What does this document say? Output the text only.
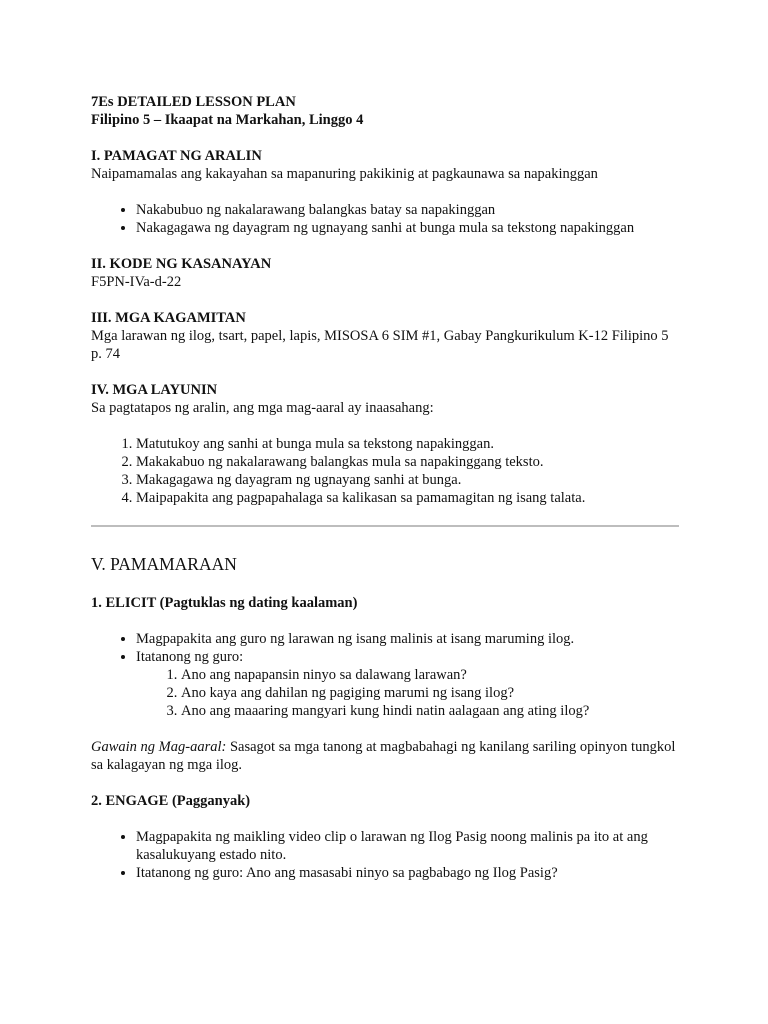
7Es DETAILED LESSON PLAN

Filipino 5 – Ikaapat na Markahan, Linggo 4

I. PAMAGAT NG ARALIN

Naipamamalas ang kakayahan sa mapanuring pakikinig at pagkaunawa sa napakinggan

• Nakabubuo ng nakalarawang balangkas batay sa napakinggan
• Nakagagawa ng dayagram ng ugnayang sanhi at bunga mula sa tekstong napakinggan

II. KODE NG KASANAYAN

F5PN-IVa-d-22

III. MGA KAGAMITAN

Mga larawan ng ilog, tsart, papel, lapis, MISOSA 6 SIM #1, Gabay Pangkurikulum K-12 Filipino 5 p. 74

IV. MGA LAYUNIN

Sa pagtatapos ng aralin, ang mga mag-aaral ay inaasahang:

1. Matutukoy ang sanhi at bunga mula sa tekstong napakinggan.
2. Makakabuo ng nakalarawang balangkas mula sa napakinggang teksto.
3. Makagagawa ng dayagram ng ugnayang sanhi at bunga.
4. Maipapakita ang pagpapahalaga sa kalikasan sa pamamagitan ng isang talata.

V. PAMAMARAAN

1. ELICIT (Pagtuklas ng dating kaalaman)

• Magpapakita ang guro ng larawan ng isang malinis at isang maruming ilog.
• Itatanong ng guro:
1. Ano ang napapansin ninyo sa dalawang larawan?
2. Ano kaya ang dahilan ng pagiging marumi ng isang ilog?
3. Ano ang maaaring mangyari kung hindi natin aalagaan ang ating ilog?

Gawain ng Mag-aaral: Sasagot sa mga tanong at magbabahagi ng kanilang sariling opinyon tungkol sa kalagayan ng mga ilog.

2. ENGAGE (Pagganyak)

• Magpapakita ng maikling video clip o larawan ng Ilog Pasig noong malinis pa ito at ang kasalukuyang estado nito.
• Itatanong ng guro: Ano ang masasabi ninyo sa pagbabago ng Ilog Pasig?
